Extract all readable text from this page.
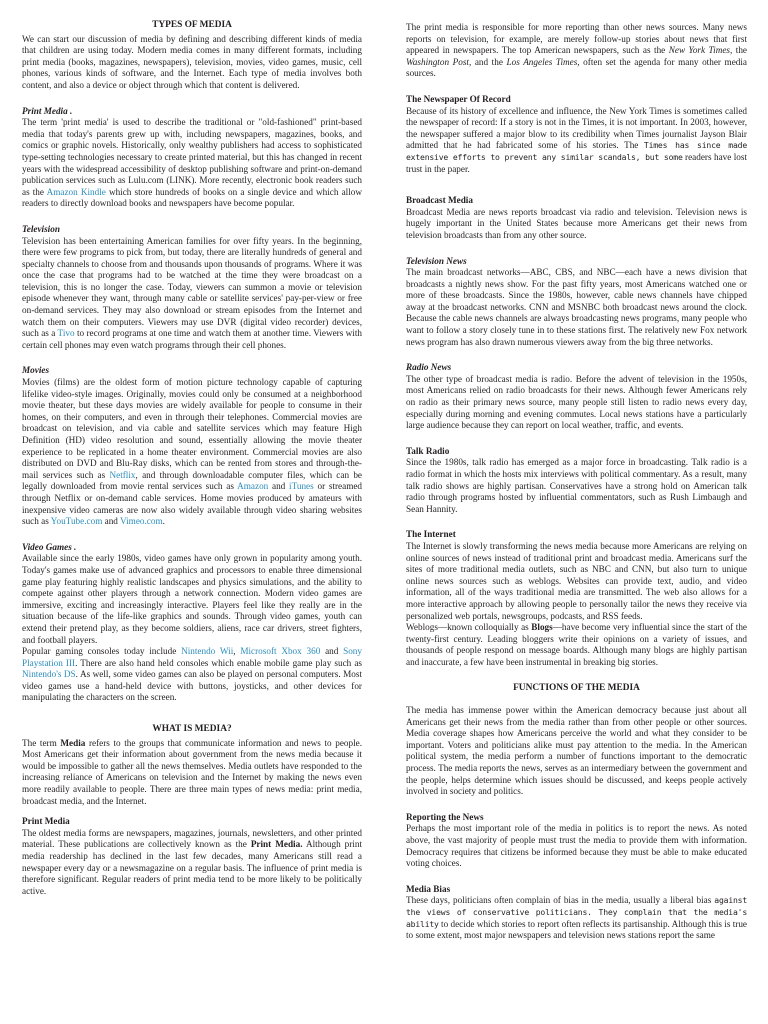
TYPES OF MEDIA

We can start our discussion of media by defining and describing different kinds of media that children are using today. Modern media comes in many different formats, including print media (books, magazines, newspapers), television, movies, video games, music, cell phones, various kinds of software, and the Internet. Each type of media involves both content, and also a device or object through which that content is delivered.

Print Media .

The term 'print media' is used to describe the traditional or "old-fashioned" print-based media that today's parents grew up with, including newspapers, magazines, books, and comics or graphic novels. Historically, only wealthy publishers had access to sophisticated type-setting technologies necessary to create printed material, but this has changed in recent years with the widespread accessibility of desktop publishing software and print-on-demand publication services such as Lulu.com (LINK). More recently, electronic book readers such as the Amazon Kindle which store hundreds of books on a single device and which allow readers to directly download books and newspapers have become popular.

Television

Television has been entertaining American families for over fifty years. In the beginning, there were few programs to pick from, but today, there are literally hundreds of general and specialty channels to choose from and thousands upon thousands of programs. Where it was once the case that programs had to be watched at the time they were broadcast on a television, this is no longer the case. Today, viewers can summon a movie or television episode whenever they want, through many cable or satellite services' pay-per-view or free on-demand services. They may also download or stream episodes from the Internet and watch them on their computers. Viewers may use DVR (digital video recorder) devices, such as a Tivo to record programs at one time and watch them at another time. Viewers with certain cell phones may even watch programs through their cell phones.

Movies

Movies (films) are the oldest form of motion picture technology capable of capturing lifelike video-style images. Originally, movies could only be consumed at a neighborhood movie theater, but these days movies are widely available for people to consume in their homes, on their computers, and even in through their telephones. Commercial movies are broadcast on television, and via cable and satellite services which may feature High Definition (HD) video resolution and sound, essentially allowing the movie theater experience to be replicated in a home theater environment. Commercial movies are also distributed on DVD and Blu-Ray disks, which can be rented from stores and through-the-mail services such as Netflix, and through downloadable computer files, which can be legally downloaded from movie rental services such as Amazon and iTunes or streamed through Netflix or on-demand cable services. Home movies produced by amateurs with inexpensive video cameras are now also widely available through video sharing websites such as YouTube.com and Vimeo.com.

Video Games .

Available since the early 1980s, video games have only grown in popularity among youth. Today's games make use of advanced graphics and processors to enable three dimensional game play featuring highly realistic landscapes and physics simulations, and the ability to compete against other players through a network connection. Modern video games are immersive, exciting and increasingly interactive. Players feel like they really are in the situation because of the life-like graphics and sounds. Through video games, youth can extend their pretend play, as they become soldiers, aliens, race car drivers, street fighters, and football players.

Popular gaming consoles today include Nintendo Wii, Microsoft Xbox 360 and Sony Playstation III. There are also hand held consoles which enable mobile game play such as Nintendo's DS. As well, some video games can also be played on personal computers. Most video games use a hand-held device with buttons, joysticks, and other devices for manipulating the characters on the screen.

WHAT IS MEDIA?

The term Media refers to the groups that communicate information and news to people. Most Americans get their information about government from the news media because it would be impossible to gather all the news themselves. Media outlets have responded to the increasing reliance of Americans on television and the Internet by making the news even more readily available to people. There are three main types of news media: print media, broadcast media, and the Internet.

Print Media

The oldest media forms are newspapers, magazines, journals, newsletters, and other printed material. These publications are collectively known as the Print Media. Although print media readership has declined in the last few decades, many Americans still read a newspaper every day or a newsmagazine on a regular basis. The influence of print media is therefore significant. Regular readers of print media tend to be more likely to be politically active.

The print media is responsible for more reporting than other news sources. Many news reports on television, for example, are merely follow-up stories about news that first appeared in newspapers. The top American newspapers, such as the New York Times, the Washington Post, and the Los Angeles Times, often set the agenda for many other media sources.

The Newspaper Of Record

Because of its history of excellence and influence, the New York Times is sometimes called the newspaper of record: If a story is not in the Times, it is not important. In 2003, however, the newspaper suffered a major blow to its credibility when Times journalist Jayson Blair admitted that he had fabricated some of his stories. The Times has since made extensive efforts to prevent any similar scandals, but some readers have lost trust in the paper.

Broadcast Media

Broadcast Media are news reports broadcast via radio and television. Television news is hugely important in the United States because more Americans get their news from television broadcasts than from any other source.

Television News

The main broadcast networks—ABC, CBS, and NBC—each have a news division that broadcasts a nightly news show. For the past fifty years, most Americans watched one or more of these broadcasts. Since the 1980s, however, cable news channels have chipped away at the broadcast networks. CNN and MSNBC both broadcast news around the clock. Because the cable news channels are always broadcasting news programs, many people who want to follow a story closely tune in to these stations first. The relatively new Fox network news program has also drawn numerous viewers away from the big three networks.

Radio News

The other type of broadcast media is radio. Before the advent of television in the 1950s, most Americans relied on radio broadcasts for their news. Although fewer Americans rely on radio as their primary news source, many people still listen to radio news every day, especially during morning and evening commutes. Local news stations have a particularly large audience because they can report on local weather, traffic, and events.

Talk Radio

Since the 1980s, talk radio has emerged as a major force in broadcasting. Talk radio is a radio format in which the hosts mix interviews with political commentary. As a result, many talk radio shows are highly partisan. Conservatives have a strong hold on American talk radio through programs hosted by influential commentators, such as Rush Limbaugh and Sean Hannity.

The Internet

The Internet is slowly transforming the news media because more Americans are relying on online sources of news instead of traditional print and broadcast media. Americans surf the sites of more traditional media outlets, such as NBC and CNN, but also turn to unique online news sources such as weblogs. Websites can provide text, audio, and video information, all of the ways traditional media are transmitted. The web also allows for a more interactive approach by allowing people to personally tailor the news they receive via personalized web portals, newsgroups, podcasts, and RSS feeds.

Weblogs—known colloquially as Blogs—have become very influential since the start of the twenty-first century. Leading bloggers write their opinions on a variety of issues, and thousands of people respond on message boards. Although many blogs are highly partisan and inaccurate, a few have been instrumental in breaking big stories.

FUNCTIONS OF THE MEDIA

The media has immense power within the American democracy because just about all Americans get their news from the media rather than from other people or other sources. Media coverage shapes how Americans perceive the world and what they consider to be important. Voters and politicians alike must pay attention to the media. In the American political system, the media perform a number of functions important to the democratic process. The media reports the news, serves as an intermediary between the government and the people, helps determine which issues should be discussed, and keeps people actively involved in society and politics.

Reporting the News

Perhaps the most important role of the media in politics is to report the news. As noted above, the vast majority of people must trust the media to provide them with information. Democracy requires that citizens be informed because they must be able to make educated voting choices.

Media Bias

These days, politicians often complain of bias in the media, usually a liberal bias against the views of conservative politicians. They complain that the media's ability to decide which stories to report often reflects its partisanship. Although this is true to some extent, most major newspapers and television news stations report the same
